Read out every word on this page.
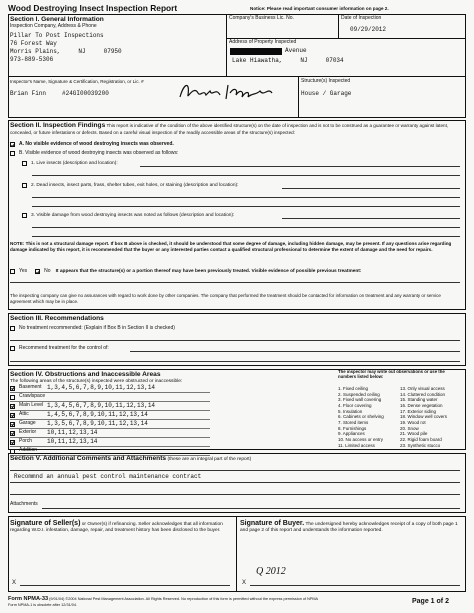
Wood Destroying Insect Inspection Report	Notice: Please read important consumer information on page 2.
Section I. General Information
Inspection Company, Address & Phone
Pillar To Post Inspections
76 Forest Way
Morris Plains,     NJ     07950
973-889-5306
Company's Business Lic. No.	Date of Inspection
09/29/2012
Address of Property Inspected
Avenue
Lake Hiawatha,     NJ     07034
Inspector's Name, Signature & Certification, Registration, or Lic. #
Brian Finn	#24GI00039200
Structure(s) Inspected
House / Garage
Section II. Inspection Findings This report is indicative of the condition of the above identified structure(s) on the date of inspection and is not to be construed as a guarantee or warranty against latent, concealed, or future infestations or defects. Based on a careful visual inspection of the readily accessible areas of the structure(s) inspected:
A. No visible evidence of wood destroying insects was observed.
B. Visible evidence of wood destroying insects was observed as follows:
1. Live insects (description and location):
2. Dead insects, insect parts, frass, shelter tubes, exit holes, or staining (description and location):
3. Visible damage from wood destroying insects was noted as follows (description and location):
NOTE: This is not a structural damage report. If box B above is checked, it should be understood that some degree of damage, including hidden damage, may be present. If any questions arise regarding damage indicated by this report, it is recommended that the buyer or any interested parties contact a qualified structural professional to determine the extent of damage and the need for repairs.
Yes	No It appears that the structure(s) or a portion thereof may have been previously treated. Visible evidence of possible previous treatment:
The inspecting company can give no assurances with regard to work done by other companies. The company that performed the treatment should be contacted for information on treatment and any warranty or service agreement which may be in place.
Section III. Recommendations
No treatment recommended: (Explain if Box B in Section II is checked)
Recommend treatment for the control of:
Section IV. Obstructions and Inaccessible Areas
The following areas of the structure(s) inspected were obstructed or inaccessible:
The inspector may write out observations or use the numbers listed below:
Basement 1,3,4,5,6,7,8,9,10,11,12,13,14
Crawlspace
Main Level 1,3,4,5,6,7,8,9,10,11,12,13,14
Attic	1,4,5,6,7,8,9,10,11,12,13,14
Garage	1,3,5,6,7,8,9,10,11,12,13,14
Exterior	10,11,12,13,14
Porch	10,11,12,13,14
Addition
1. Fixed ceiling
2. Suspended ceiling
3. Fixed wall covering
4. Floor covering
5. Insulation
6. Cabinets or shelving
7. Stored items
8. Furnishings
9. Appliances
10. No access or entry
11. Limited access
13. Only visual access
14. Cluttered condition
15. Standing water
16. Dense vegetation
17. Exterior siding
18. Window well covers
19. Wood rot
20. Snow
21. Wood pile
22. Rigid foam board
23. Synthetic stucco
Section V. Additional Comments and Attachments (these are an integral part of the report)
Recommnd an annual pest control maintenance contract
Attachments
Signature of Seller(s) or Owner(s) if refinancing. Seller acknowledges that all information regarding W.D.I. infestation, damage, repair, and treatment history has been disclosed to the buyer.
X
Signature of Buyer. The undersigned hereby acknowledges receipt of a copy of both page 1 and page 2 of this report and understands the information reported.
X
Q 2012
Form NPMA-33 (9/01/04) ©2004 National Pest Management Association. All Rights Reserved. No reproduction of this form is permitted without the express permission of NPMA
Form NPMA-1 is obsolete after 12/31/04.	Page 1 of 2
